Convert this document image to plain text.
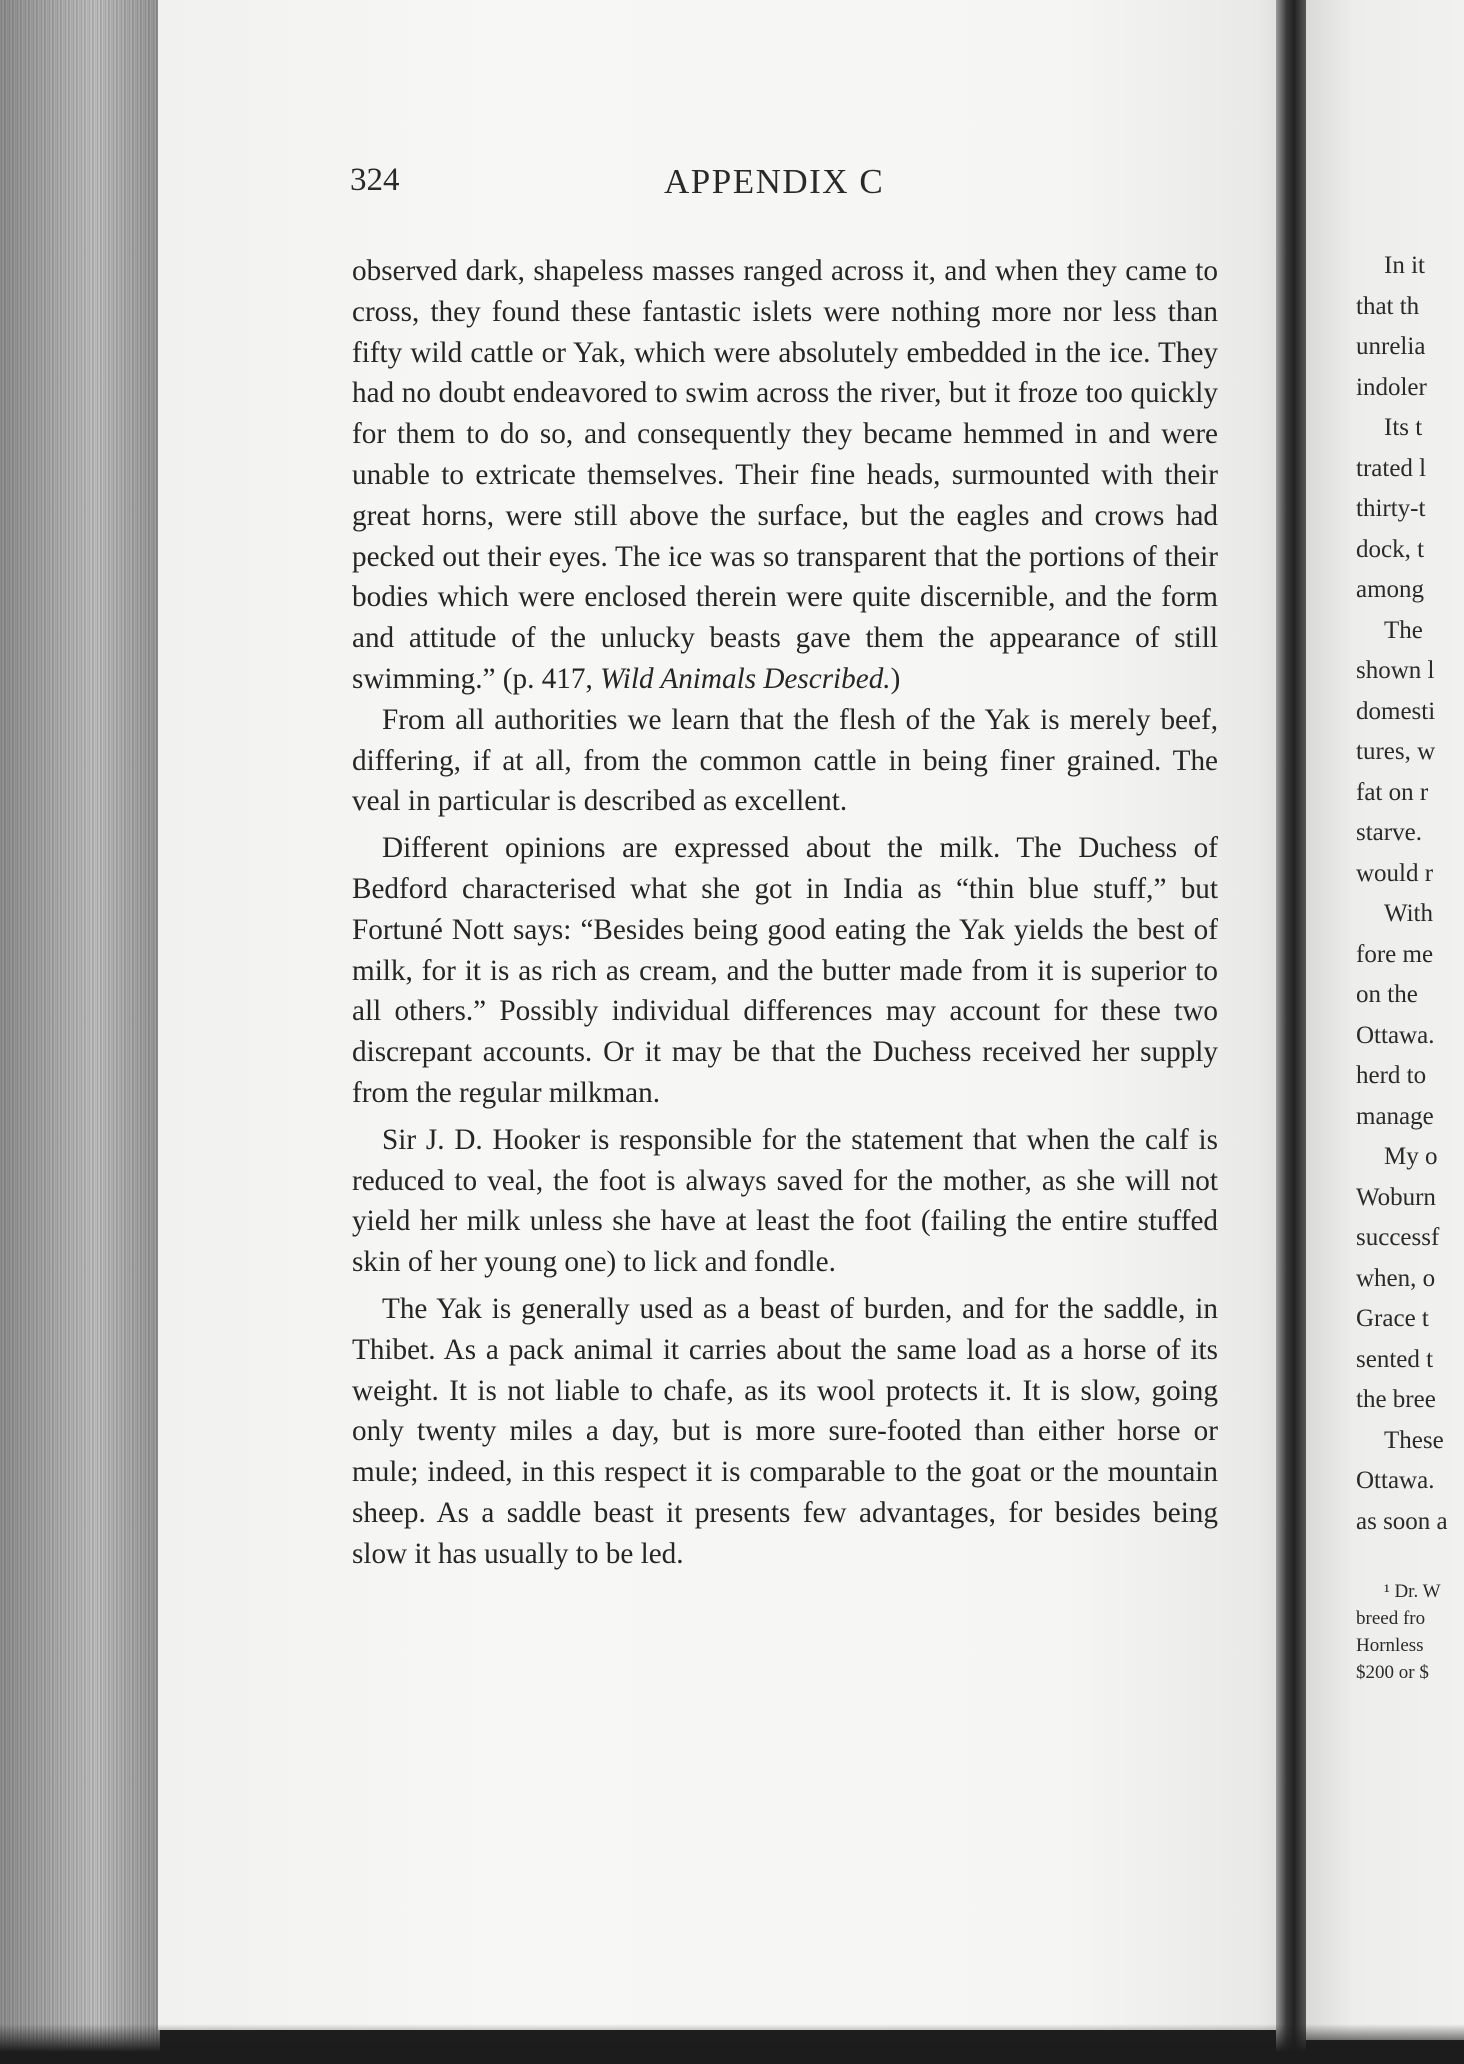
324	APPENDIX C

observed dark, shapeless masses ranged across it, and when they came to cross, they found these fantastic islets were nothing more nor less than fifty wild cattle or Yak, which were absolutely embedded in the ice. They had no doubt endeavored to swim across the river, but it froze too quickly for them to do so, and consequently they became hemmed in and were unable to extricate themselves. Their fine heads, surmounted with their great horns, were still above the surface, but the eagles and crows had pecked out their eyes. The ice was so transparent that the portions of their bodies which were enclosed therein were quite discernible, and the form and attitude of the unlucky beasts gave them the appearance of still swimming.” (p. 417, Wild Animals Described.)

From all authorities we learn that the flesh of the Yak is merely beef, differing, if at all, from the common cattle in being finer grained. The veal in particular is described as excellent.

Different opinions are expressed about the milk. The Duchess of Bedford characterised what she got in India as “thin blue stuff,” but Fortuné Nott says: “Besides being good eating the Yak yields the best of milk, for it is as rich as cream, and the butter made from it is superior to all others.” Possibly individual differences may account for these two discrepant accounts. Or it may be that the Duchess received her supply from the regular milkman.

Sir J. D. Hooker is responsible for the statement that when the calf is reduced to veal, the foot is always saved for the mother, as she will not yield her milk unless she have at least the foot (failing the entire stuffed skin of her young one) to lick and fondle.

The Yak is generally used as a beast of burden, and for the saddle, in Thibet. As a pack animal it carries about the same load as a horse of its weight. It is not liable to chafe, as its wool protects it. It is slow, going only twenty miles a day, but is more sure-footed than either horse or mule; indeed, in this respect it is comparable to the goat or the mountain sheep. As a saddle beast it presents few advantages, for besides being slow it has usually to be led.

In it
that th
unrelia
indoler
Its t
trated l
thirty-t
dock, t
among
The
shown l
domesti
tures, w
fat on r
starve.
would r
With
fore me
on the
Ottawa.
herd to
manage
My o
Woburn
successf
when, o
Grace t
sented t
the bree
These
Ottawa.
as soon a
¹ Dr. W
breed fro
Hornless
$200 or $
